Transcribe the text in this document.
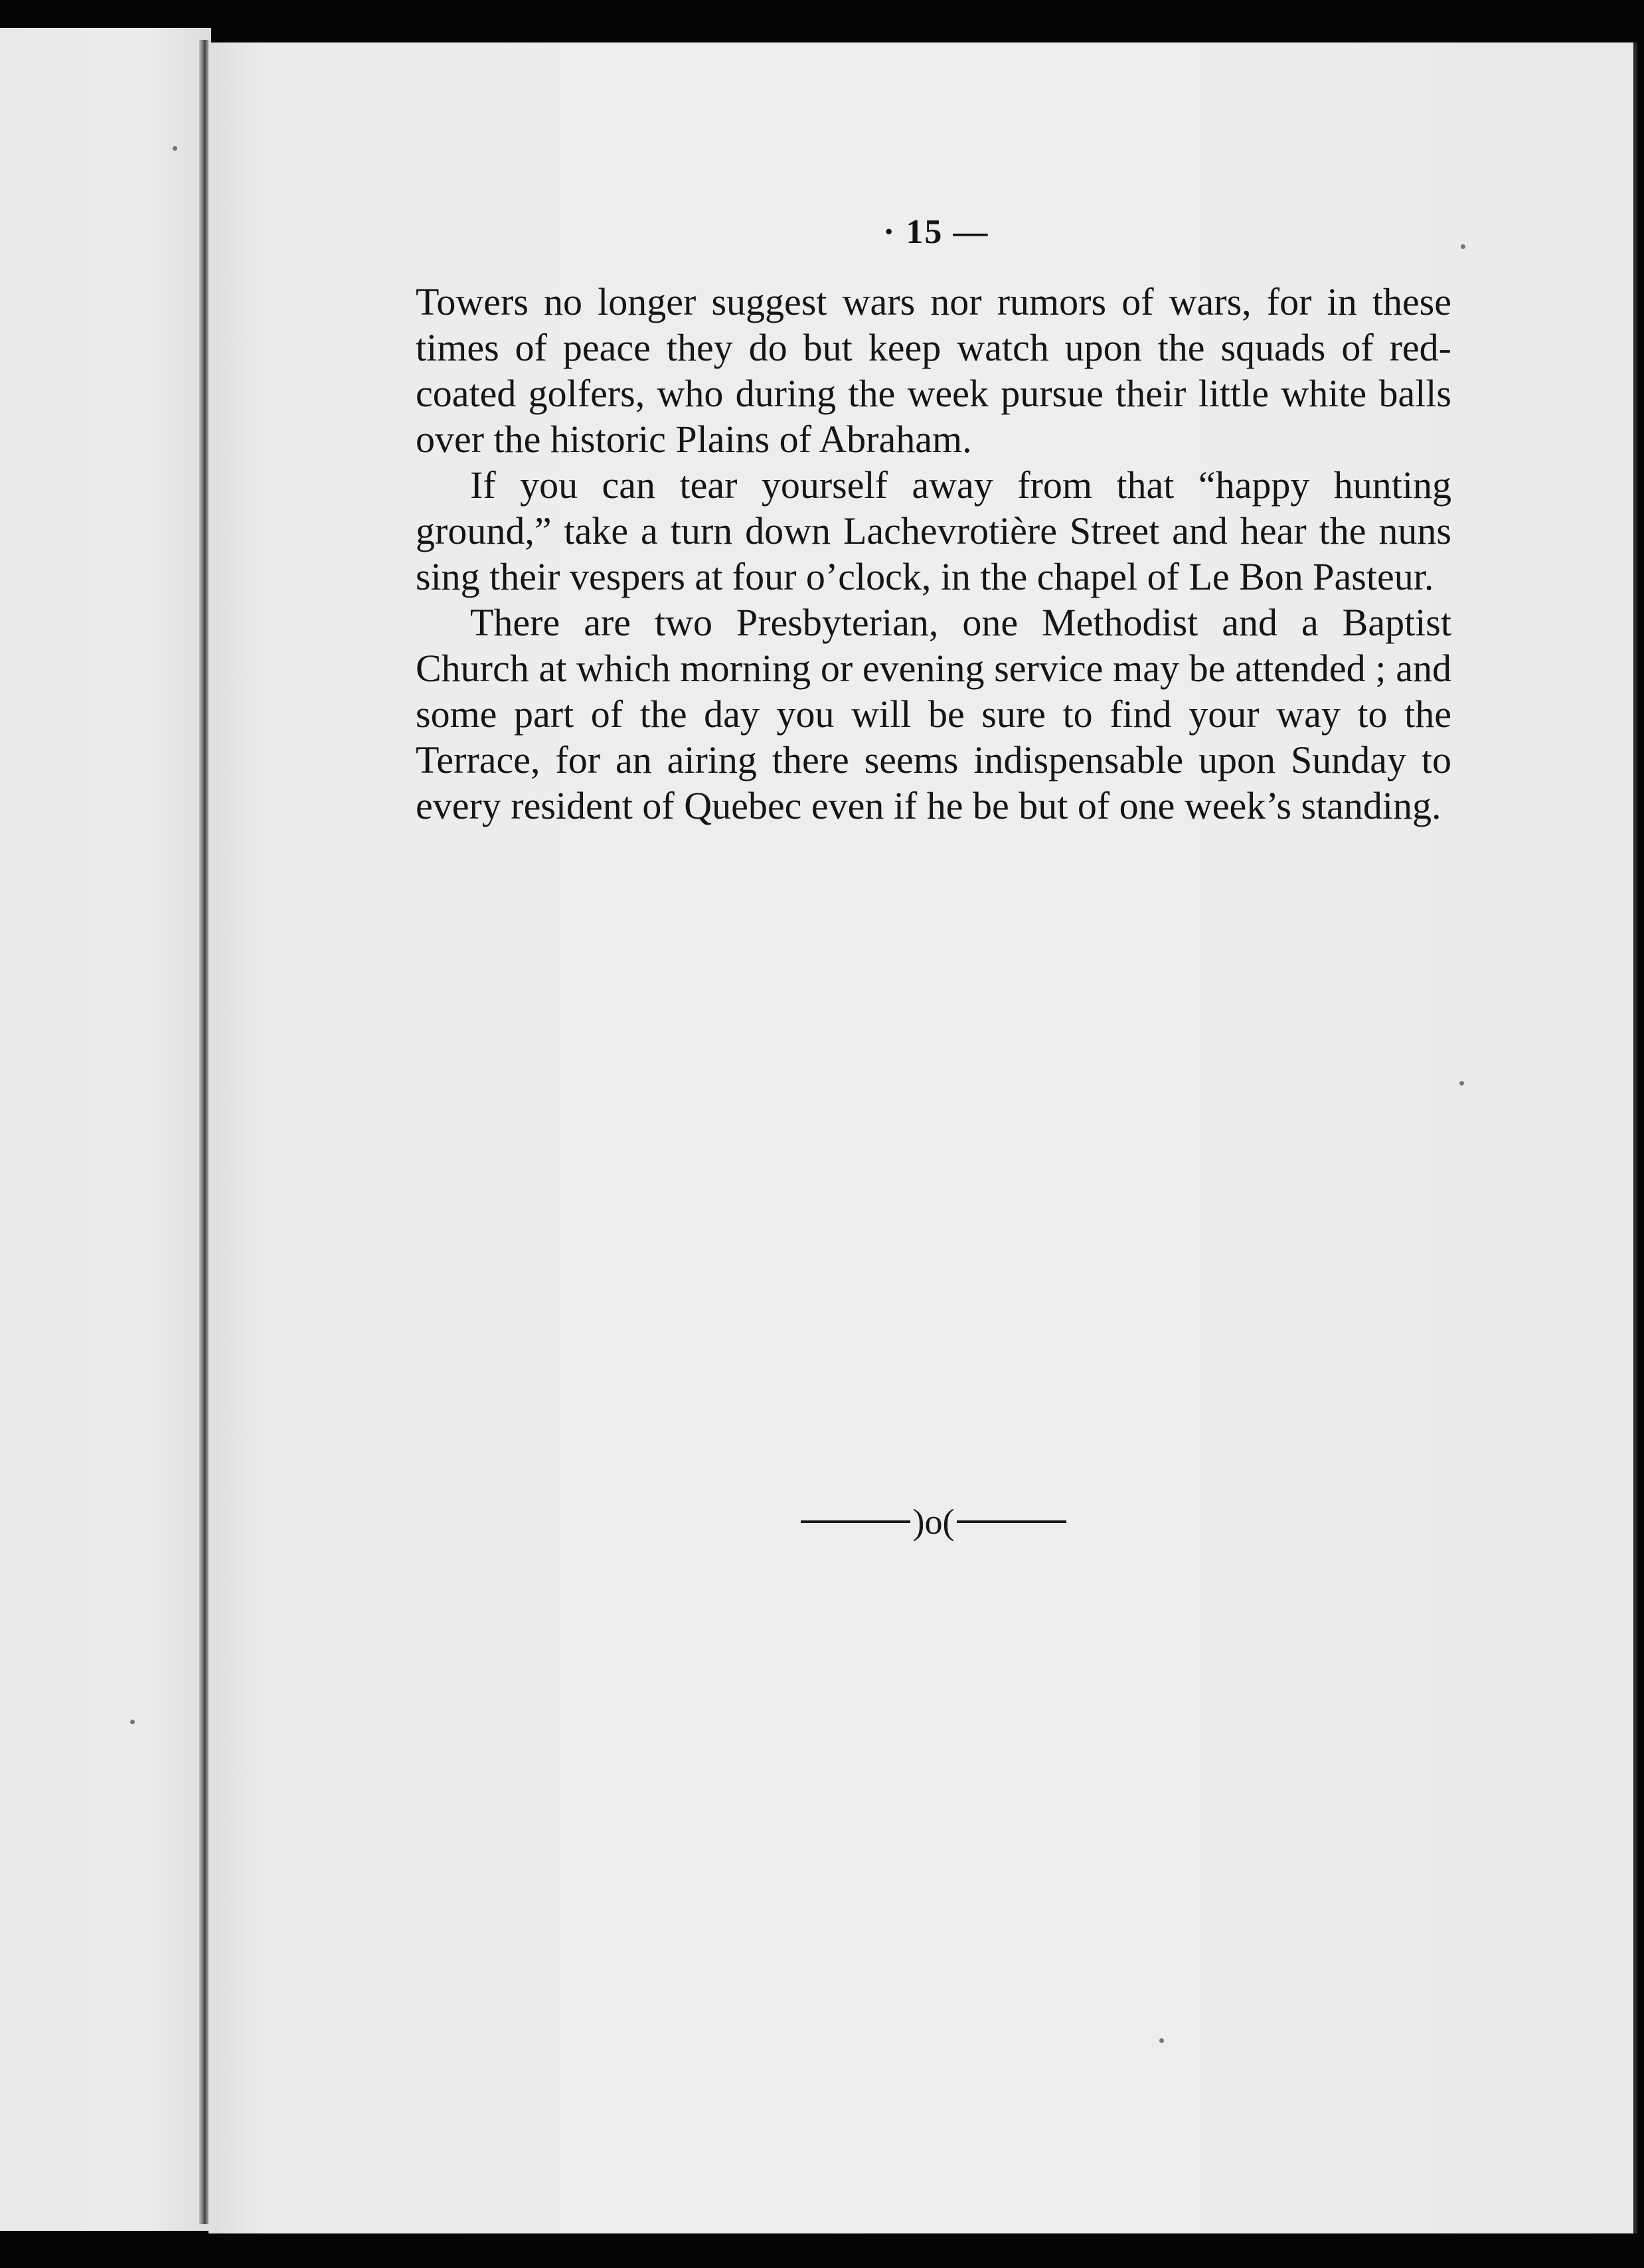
· 15 —

Towers no longer suggest wars nor rumors of wars, for in these times of peace they do but keep watch upon the squads of red-coated golfers, who during the week pursue their little white balls over the historic Plains of Abraham.

If you can tear yourself away from that “happy hunting ground,” take a turn down Lachevrotière Street and hear the nuns sing their vespers at four o’clock, in the chapel of Le Bon Pasteur.

There are two Presbyterian, one Methodist and a Baptist Church at which morning or evening service may be attended ; and some part of the day you will be sure to find your way to the Terrace, for an airing there seems indispensable upon Sunday to every resident of Quebec even if he be but of one week’s standing.

)o(
